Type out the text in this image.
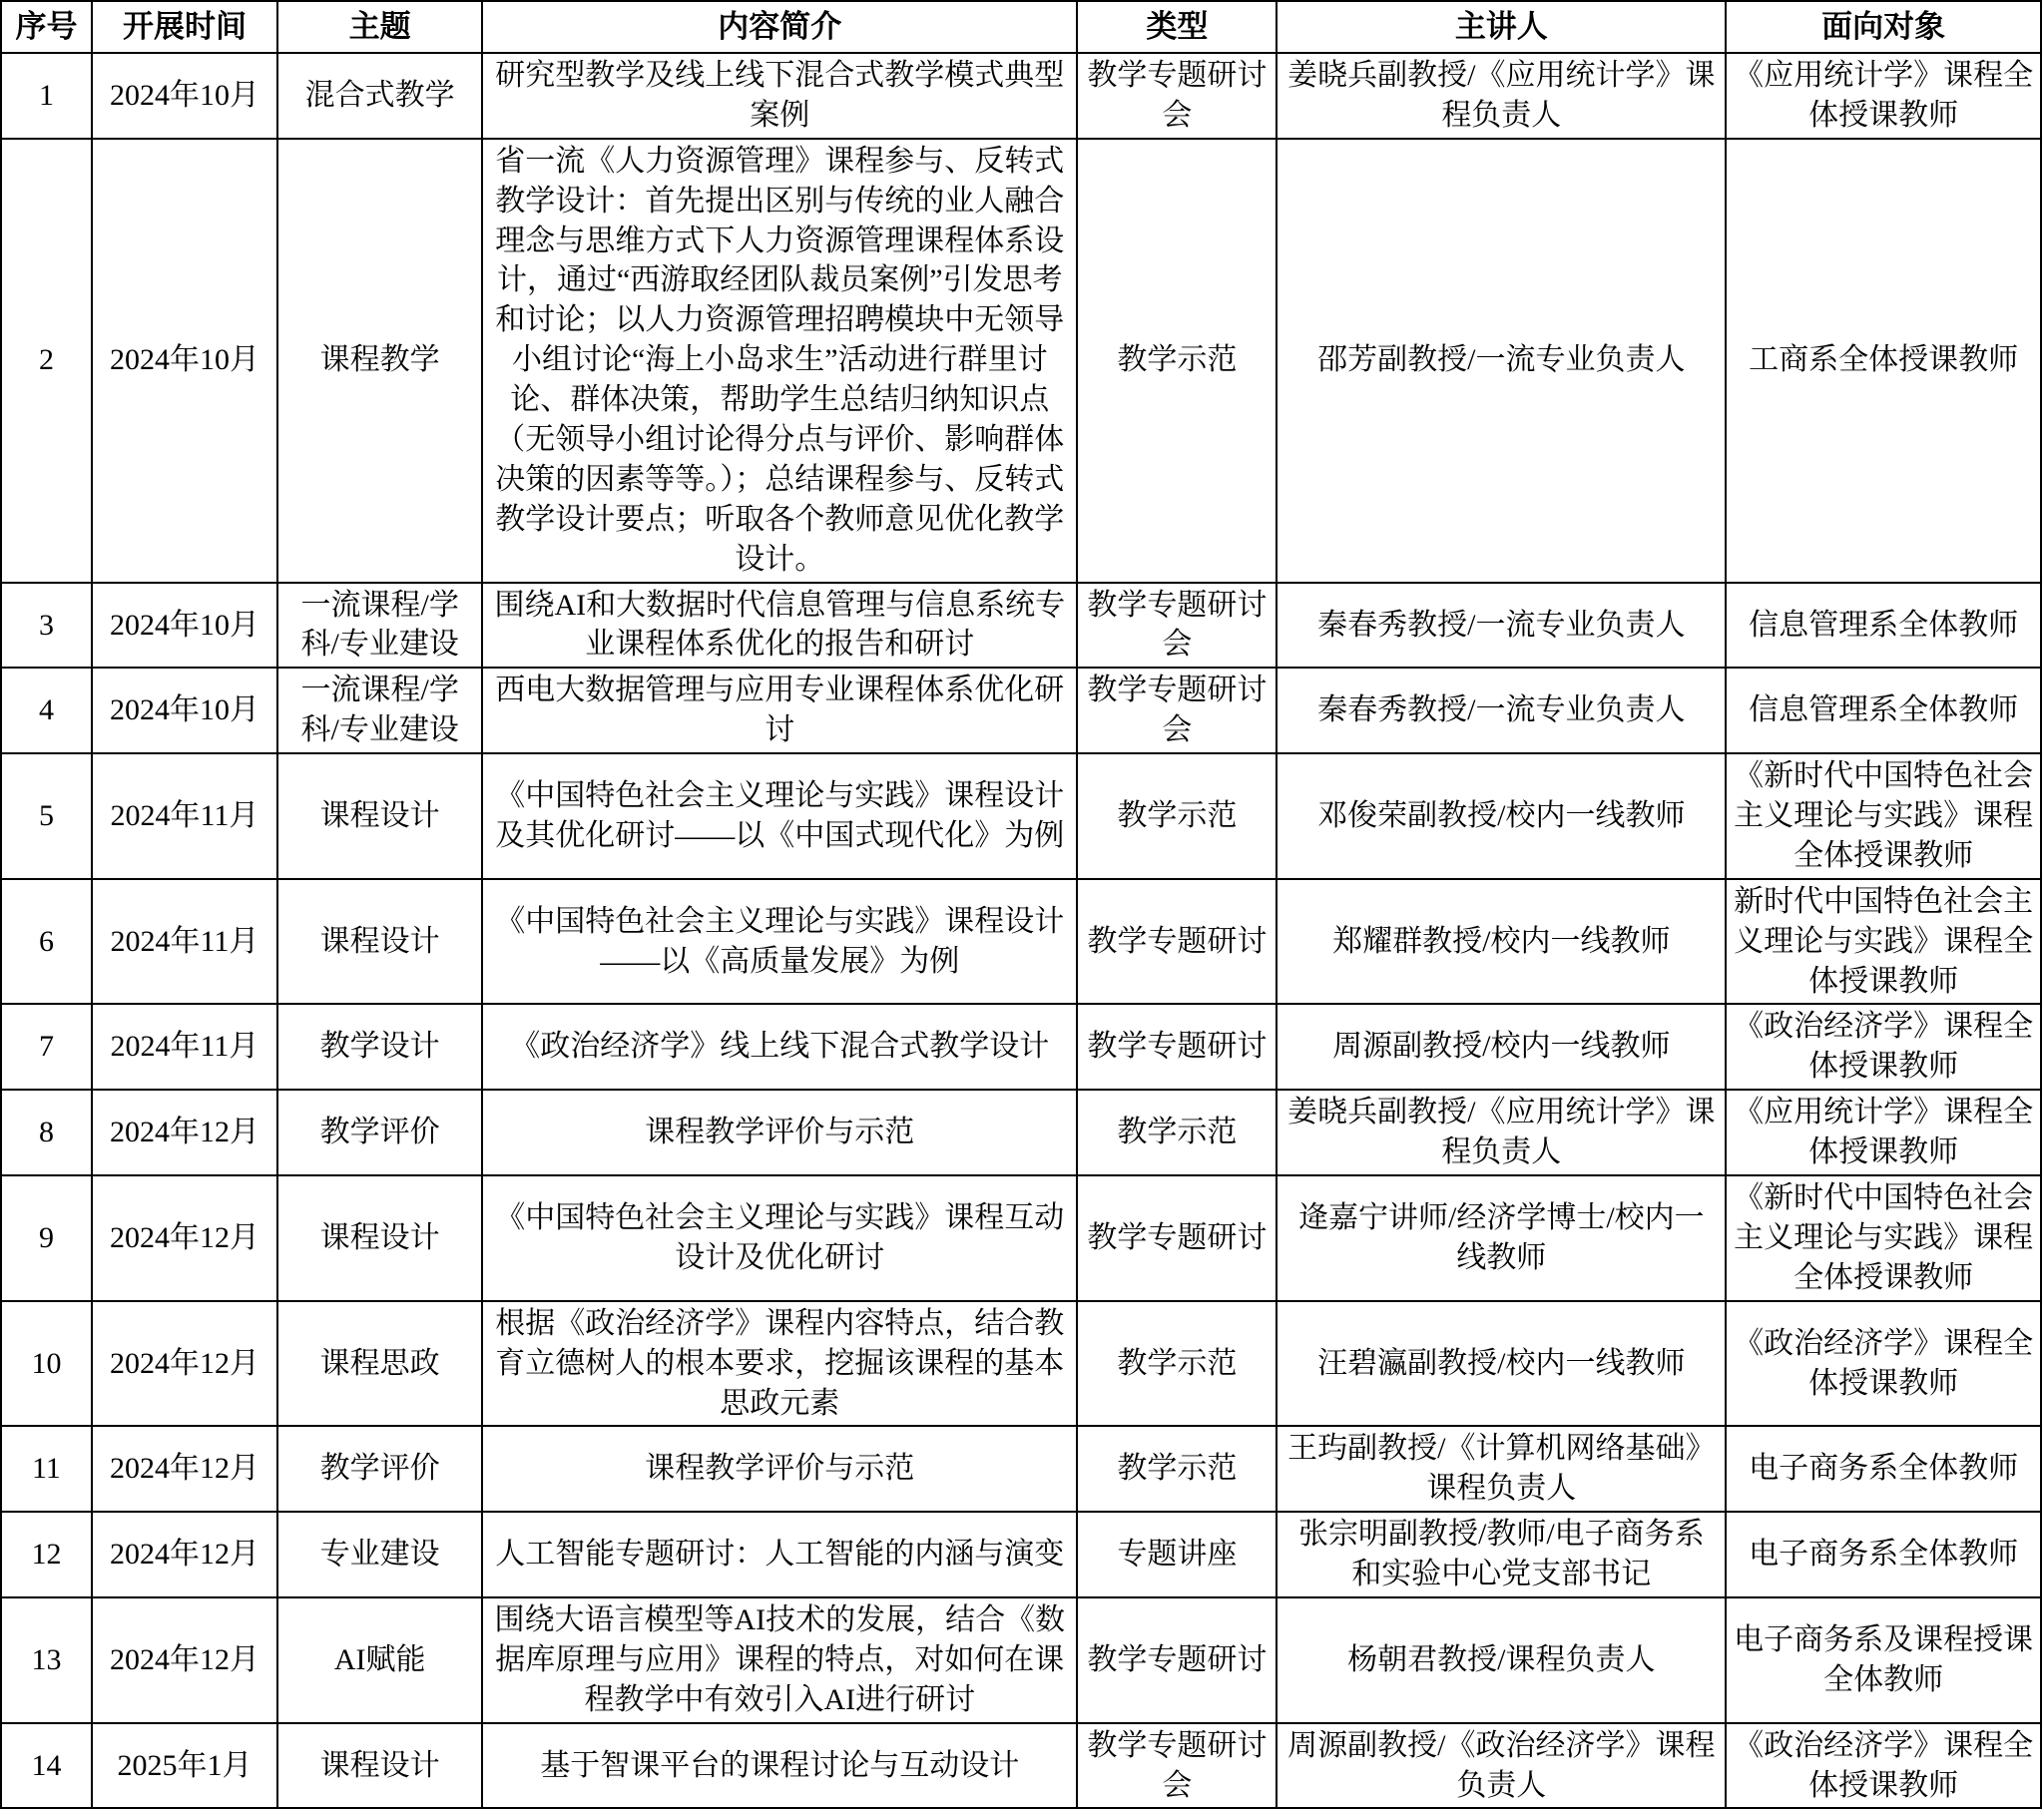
序号	开展时间	主题	内容简介	类型	主讲人	面向对象
1	2024年10月	混合式教学	研究型教学及线上线下混合式教学模式典型案例	教学专题研讨会	姜晓兵副教授/《应用统计学》课程负责人	《应用统计学》课程全体授课教师
2	2024年10月	课程教学	省一流《人力资源管理》课程参与、反转式教学设计：首先提出区别与传统的业人融合理念与思维方式下人力资源管理课程体系设计，通过“西游取经团队裁员案例”引发思考和讨论；以人力资源管理招聘模块中无领导小组讨论“海上小岛求生”活动进行群里讨论、群体决策，帮助学生总结归纳知识点（无领导小组讨论得分点与评价、影响群体决策的因素等等。）；总结课程参与、反转式教学设计要点；听取各个教师意见优化教学设计。	教学示范	邵芳副教授/一流专业负责人	工商系全体授课教师
3	2024年10月	一流课程/学科/专业建设	围绕AI和大数据时代信息管理与信息系统专业课程体系优化的报告和研讨	教学专题研讨会	秦春秀教授/一流专业负责人	信息管理系全体教师
4	2024年10月	一流课程/学科/专业建设	西电大数据管理与应用专业课程体系优化研讨	教学专题研讨会	秦春秀教授/一流专业负责人	信息管理系全体教师
5	2024年11月	课程设计	《中国特色社会主义理论与实践》课程设计及其优化研讨——以《中国式现代化》为例	教学示范	邓俊荣副教授/校内一线教师	《新时代中国特色社会主义理论与实践》课程全体授课教师
6	2024年11月	课程设计	《中国特色社会主义理论与实践》课程设计——以《高质量发展》为例	教学专题研讨	郑耀群教授/校内一线教师	新时代中国特色社会主义理论与实践》课程全体授课教师
7	2024年11月	教学设计	《政治经济学》线上线下混合式教学设计	教学专题研讨	周源副教授/校内一线教师	《政治经济学》课程全体授课教师
8	2024年12月	教学评价	课程教学评价与示范	教学示范	姜晓兵副教授/《应用统计学》课程负责人	《应用统计学》课程全体授课教师
9	2024年12月	课程设计	《中国特色社会主义理论与实践》课程互动设计及优化研讨	教学专题研讨	逄嘉宁讲师/经济学博士/校内一线教师	《新时代中国特色社会主义理论与实践》课程全体授课教师
10	2024年12月	课程思政	根据《政治经济学》课程内容特点，结合教育立德树人的根本要求，挖掘该课程的基本思政元素	教学示范	汪碧瀛副教授/校内一线教师	《政治经济学》课程全体授课教师
11	2024年12月	教学评价	课程教学评价与示范	教学示范	王玙副教授/《计算机网络基础》课程负责人	电子商务系全体教师
12	2024年12月	专业建设	人工智能专题研讨：人工智能的内涵与演变	专题讲座	张宗明副教授/教师/电子商务系和实验中心党支部书记	电子商务系全体教师
13	2024年12月	AI赋能	围绕大语言模型等AI技术的发展，结合《数据库原理与应用》课程的特点，对如何在课程教学中有效引入AI进行研讨	教学专题研讨	杨朝君教授/课程负责人	电子商务系及课程授课全体教师
14	2025年1月	课程设计	基于智课平台的课程讨论与互动设计	教学专题研讨会	周源副教授/《政治经济学》课程负责人	《政治经济学》课程全体授课教师
